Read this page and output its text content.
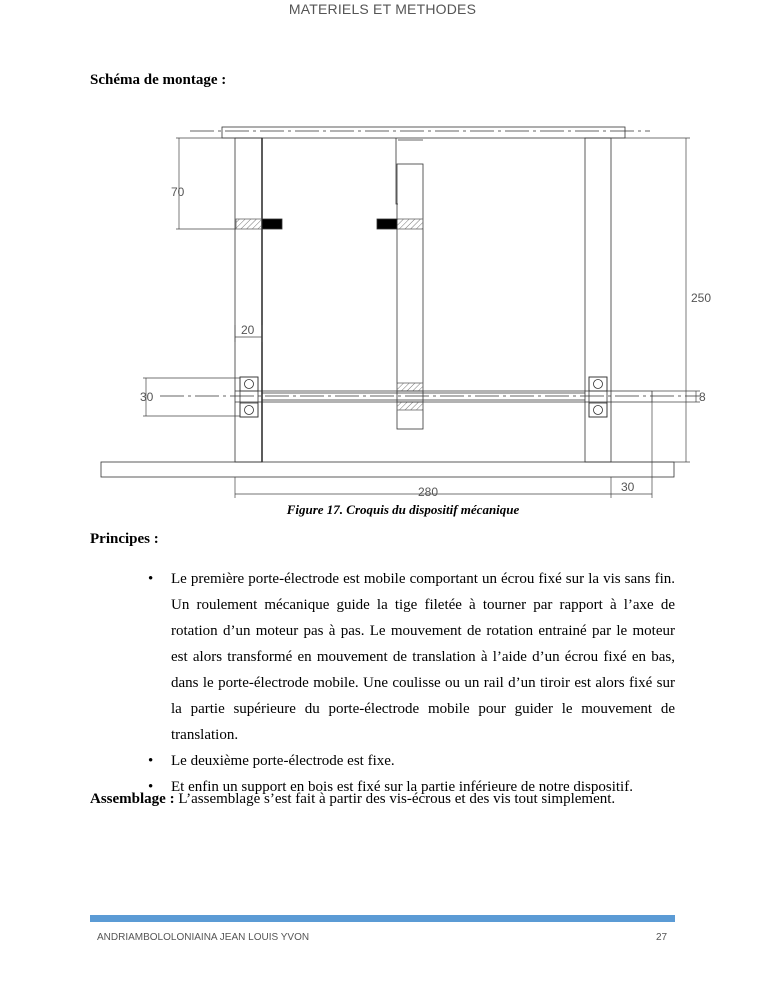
MATERIELS ET METHODES
Schéma de montage :
70
250
20
30	8
280	30
Figure 17. Croquis du dispositif mécanique
Principes :
• Le première porte-électrode est mobile comportant un écrou fixé sur la vis sans fin. Un roulement mécanique guide la tige filetée à tourner par rapport à l’axe de rotation d’un moteur pas à pas. Le mouvement de rotation entrainé par le moteur est alors transformé en mouvement de translation à l’aide d’un écrou fixé en bas, dans le porte-électrode mobile. Une coulisse ou un rail d’un tiroir est alors fixé sur la partie supérieure du porte-électrode mobile pour guider le mouvement de translation.
• Le deuxième porte-électrode est fixe.
• Et enfin un support en bois est fixé sur la partie inférieure de notre dispositif.
Assemblage : L’assemblage s’est fait à partir des vis-écrous et des vis tout simplement.
ANDRIAMBOLOLONIAINA JEAN LOUIS YVON	27
